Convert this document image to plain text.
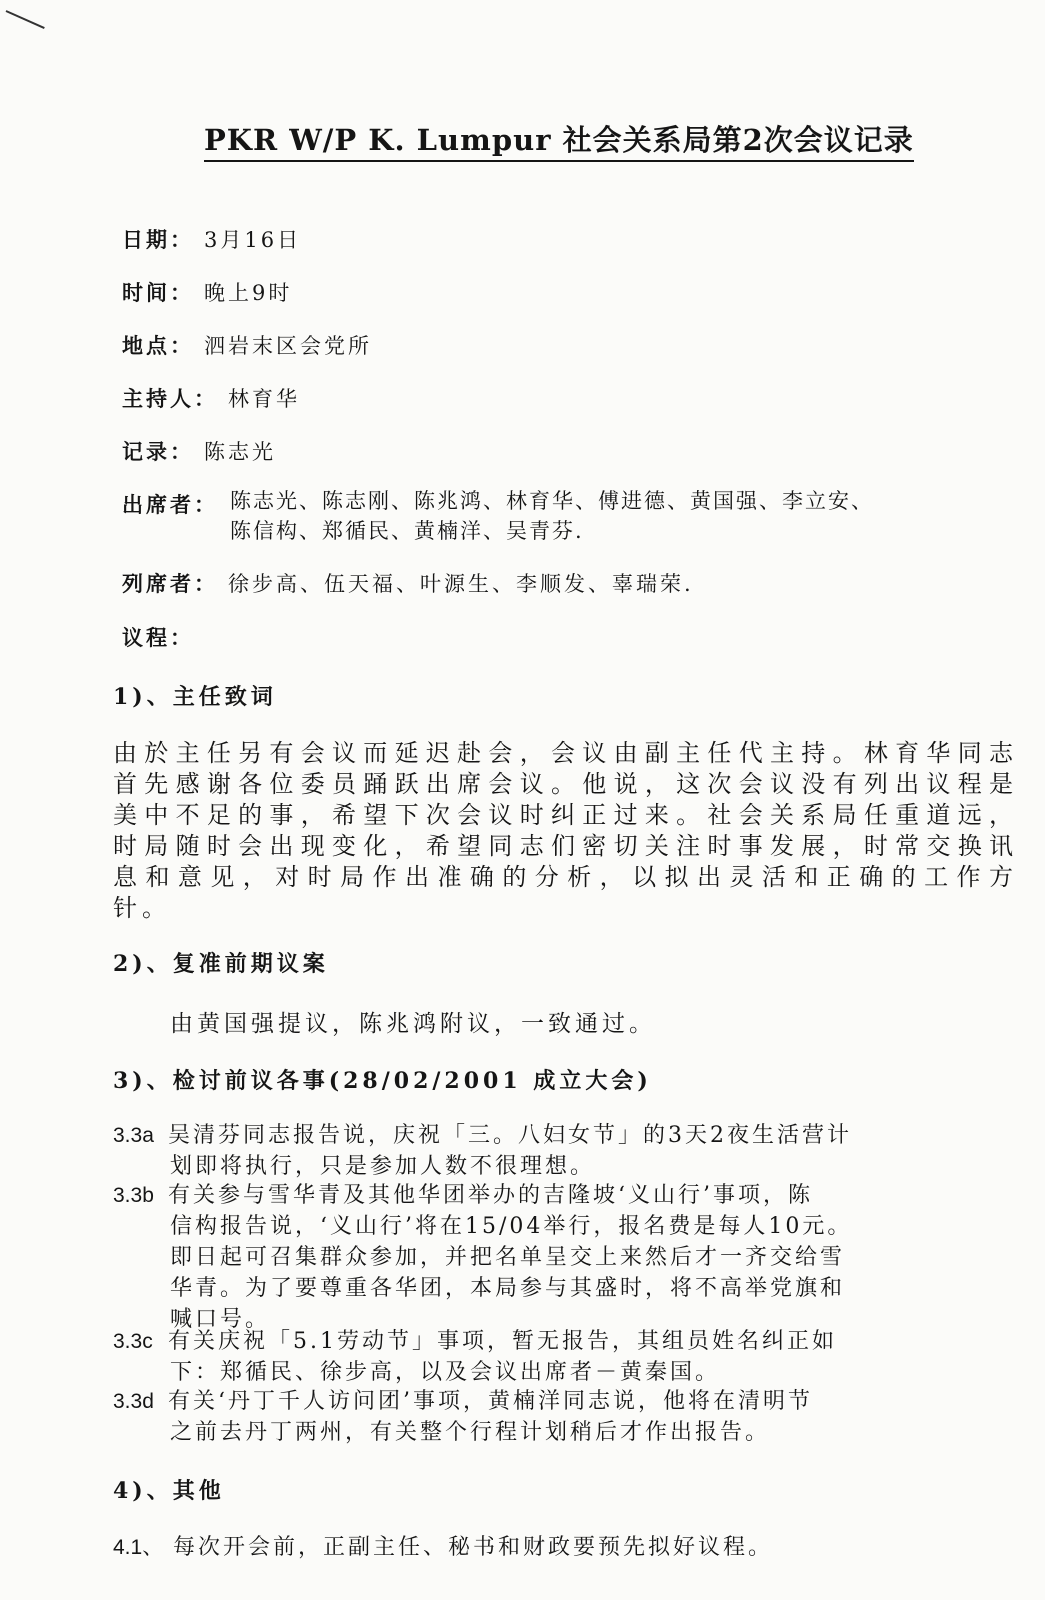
PKR W/P K. Lumpur 社会关系局第2次会议记录
日期： 3月16日
时间： 晚上9时
地点： 泗岩末区会党所
主持人： 林育华
记录： 陈志光
出席者： 陈志光、陈志刚、陈兆鸿、林育华、傅进德、黄国强、李立安、
陈信构、郑循民、黄楠洋、吴青芬.
列席者： 徐步高、伍天福、叶源生、李顺发、辜瑞荣.
议程：
1)、主任致词
由於主任另有会议而延迟赴会，会议由副主任代主持。林育华同志
首先感谢各位委员踊跃出席会议。他说，这次会议没有列出议程是
美中不足的事，希望下次会议时纠正过来。社会关系局任重道远，
时局随时会出现变化，希望同志们密切关注时事发展，时常交换讯
息和意见，对时局作出准确的分析，以拟出灵活和正确的工作方
针。
2)、复准前期议案
由黄国强提议，陈兆鸿附议，一致通过。
3)、检讨前议各事(28/02/2001 成立大会)
3.3a 吴清芬同志报告说，庆祝「三。八妇女节」的3天2夜生活营计
划即将执行，只是参加人数不很理想。
3.3b 有关参与雪华青及其他华团举办的吉隆坡‘义山行’事项，陈
信构报告说，‘义山行’将在15/04举行，报名费是每人10元。
即日起可召集群众参加，并把名单呈交上来然后才一齐交给雪
华青。为了要尊重各华团，本局参与其盛时，将不高举党旗和
喊口号。
3.3c 有关庆祝「5.1劳动节」事项，暂无报告，其组员姓名纠正如
下：郑循民、徐步高，以及会议出席者－黄秦国。
3.3d 有关‘丹丁千人访问团’事项，黄楠洋同志说，他将在清明节
之前去丹丁两州，有关整个行程计划稍后才作出报告。
4)、其他
4.1、 每次开会前，正副主任、秘书和财政要预先拟好议程。
